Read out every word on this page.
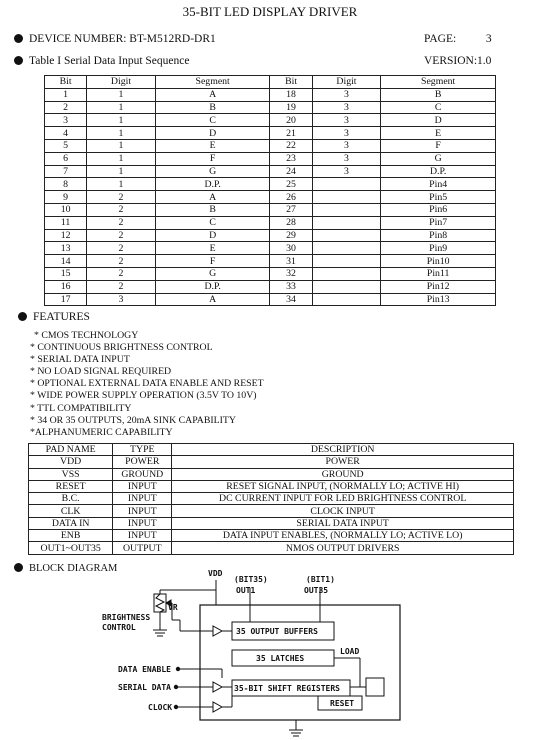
35-BIT LED DISPLAY DRIVER
DEVICE NUMBER: BT-M512RD-DR1	PAGE:	3
Table I Serial Data Input Sequence	VERSION:1.0
Bit	Digit	Segment	Bit	Digit	Segment
1	1	A	18	3	B
2	1	B	19	3	C
3	1	C	20	3	D
4	1	D	21	3	E
5	1	E	22	3	F
6	1	F	23	3	G
7	1	G	24	3	D.P.
8	1	D.P.	25		Pin4
9	2	A	26		Pin5
10	2	B	27		Pin6
11	2	C	28		Pin7
12	2	D	29		Pin8
13	2	E	30		Pin9
14	2	F	31		Pin10
15	2	G	32		Pin11
16	2	D.P.	33		Pin12
17	3	A	34		Pin13
FEATURES
* CMOS TECHNOLOGY
* CONTINUOUS BRIGHTNESS CONTROL
* SERIAL DATA INPUT
* NO LOAD SIGNAL REQUIRED
* OPTIONAL EXTERNAL DATA ENABLE AND RESET
* WIDE POWER SUPPLY OPERATION (3.5V TO 10V)
* TTL COMPATIBILITY
* 34 OR 35 OUTPUTS, 20mA SINK CAPABILITY
*ALPHANUMERIC CAPABILITY
PAD NAME	TYPE	DESCRIPTION
VDD	POWER	POWER
VSS	GROUND	GROUND
RESET	INPUT	RESET SIGNAL INPUT, (NORMALLY LO; ACTIVE HI)
B.C.	INPUT	DC CURRENT INPUT FOR LED BRIGHTNESS CONTROL
CLK	INPUT	CLOCK INPUT
DATA IN	INPUT	SERIAL DATA INPUT
ENB	INPUT	DATA INPUT ENABLES, (NORMALLY LO; ACTIVE LO)
OUT1~OUT35	OUTPUT	NMOS OUTPUT DRIVERS
BLOCK DIAGRAM	VDD
(BIT35)	(BIT1)
OUT1	OUT35
VR
BRIGHTNESS
CONTROL	35 OUTPUT BUFFERS
35 LATCHES
LOAD
DATA ENABLE
SERIAL DATA	35-BIT SHIFT REGISTERS
RESET
CLOCK
